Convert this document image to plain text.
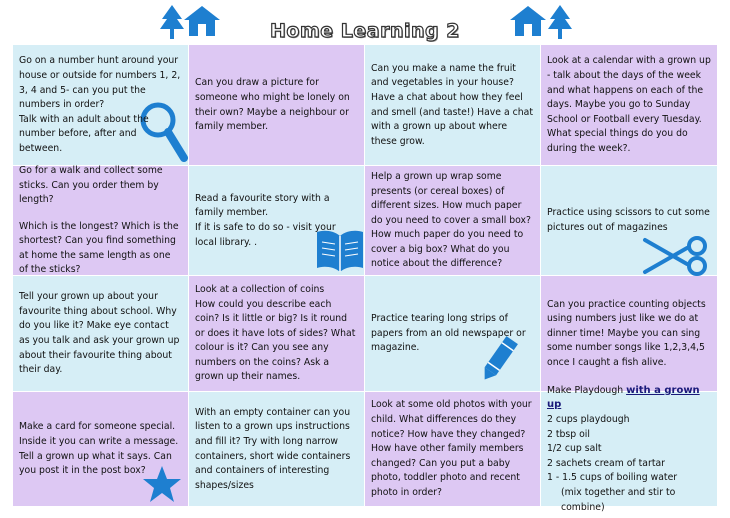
Home Learning 2

Go on a number hunt around your house or outside for numbers 1, 2, 3, 4 and 5- can you put the numbers in order?

Talk with an adult about the number before, after and between.

Can you draw a picture for someone who might be lonely on their own? Maybe a neighbour or family member.

Can you make a name the fruit and vegetables in your house?

Have a chat about how they feel and smell (and taste!) Have a chat with a grown up about where these grow.

Look at a calendar with a grown up - talk about the days of the week and what happens on each of the days. Maybe you go to Sunday School or Football every Tuesday. What special things do you do during the week?.

Go for a walk and collect some sticks. Can you order them by length?

Which is the longest? Which is the shortest? Can you find something at home the same length as one of the sticks?

Read a favourite story with a family member.

If it is safe to do so - visit your local library. .

Help a grown up wrap some presents (or cereal boxes) of different sizes. How much paper do you need to cover a small box? How much paper do you need to cover a big box? What do you notice about the difference?

Practice using scissors to cut some pictures out of magazines

Tell your grown up about your favourite thing about school. Why do you like it? Make eye contact as you talk and ask your grown up about their favourite thing about their day.

Look at a collection of coins

How could you describe each coin? Is it little or big? Is it round or does it have lots of sides? What colour is it? Can you see any numbers on the coins? Ask a grown up their names.

Practice tearing long strips of papers from an old newspaper or magazine.

Can you practice counting objects using numbers just like we do at dinner time! Maybe you can sing some number songs like 1,2,3,4,5 once I caught a fish alive.

Make a card for someone special. Inside it you can write a message. Tell a grown up what it says. Can you post it in the post box?

With an empty container can you listen to a grown ups instructions and fill it? Try with long narrow containers, short wide containers and containers of interesting shapes/sizes

Look at some old photos with your child. What differences do they notice? How have they changed? How have other family members changed? Can you put a baby photo, toddler photo and recent photo in order?

Make Playdough with a grown up

2 cups playdough

2 tbsp oil

1/2 cup salt

2 sachets cream of tartar

1 - 1.5 cups of boiling water

(mix together and stir to combine)
